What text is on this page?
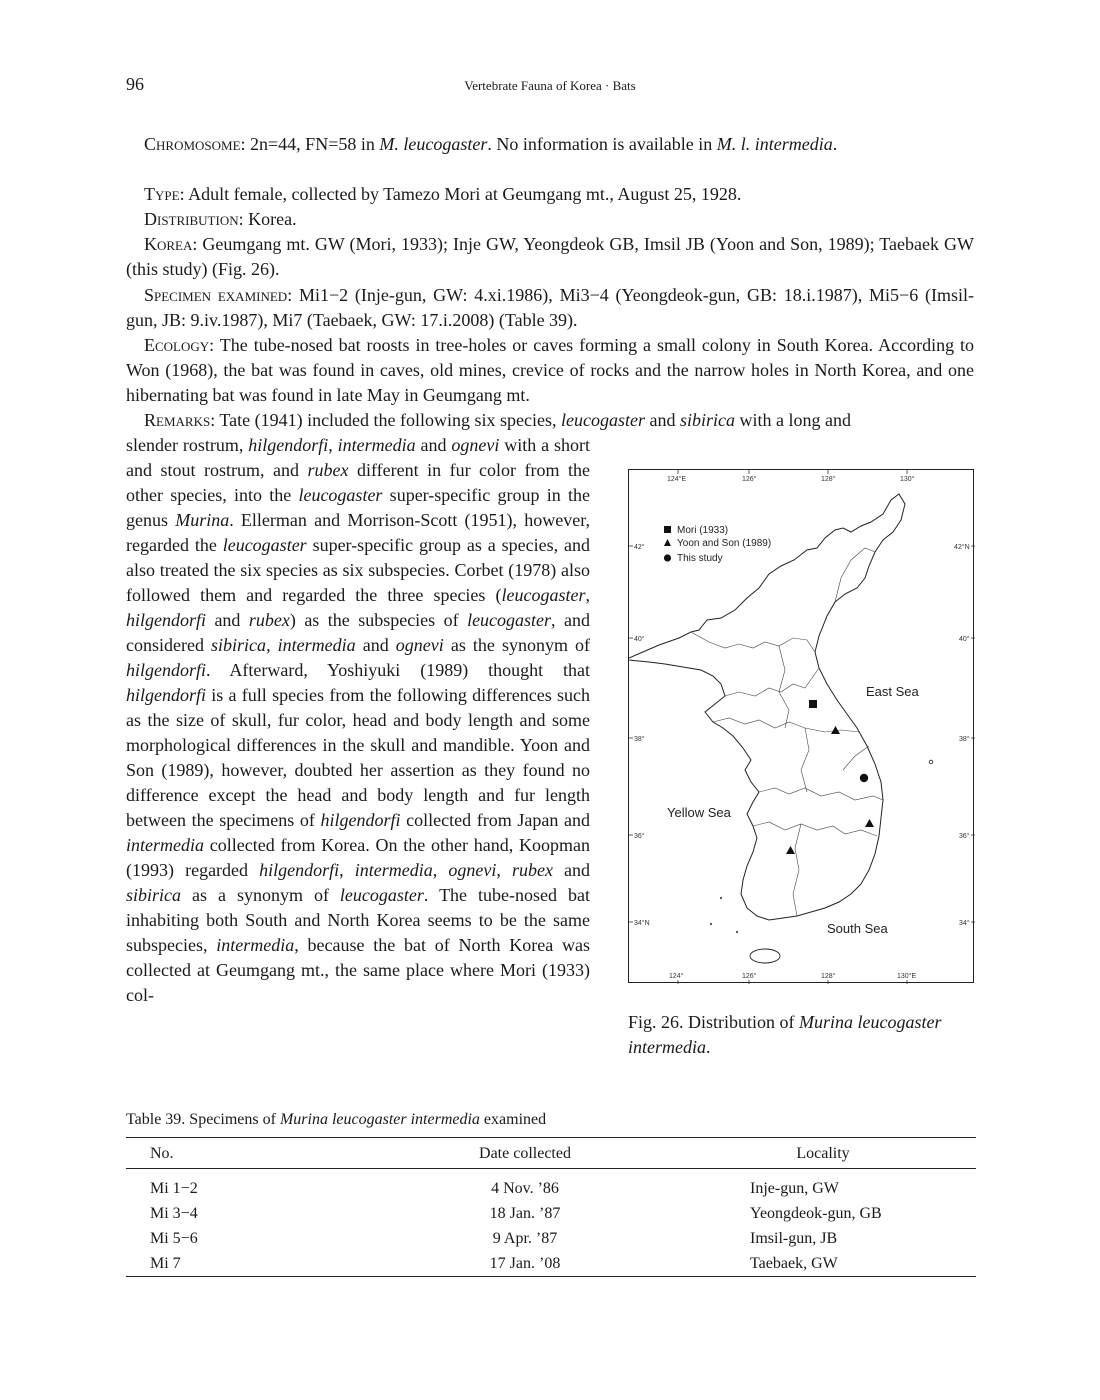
96	Vertebrate Fauna of Korea · Bats

Chromosome: 2n=44, FN=58 in M. leucogaster. No information is available in M. l. intermedia.

Type: Adult female, collected by Tamezo Mori at Geumgang mt., August 25, 1928.

Distribution: Korea.

Korea: Geumgang mt. GW (Mori, 1933); Inje GW, Yeongdeok GB, Imsil JB (Yoon and Son, 1989); Taebaek GW (this study) (Fig. 26).

Specimen examined: Mi1−2 (Inje-gun, GW: 4.xi.1986), Mi3−4 (Yeongdeok-gun, GB: 18.i.1987), Mi5−6 (Imsil-gun, JB: 9.iv.1987), Mi7 (Taebaek, GW: 17.i.2008) (Table 39).

Ecology: The tube-nosed bat roosts in tree-holes or caves forming a small colony in South Korea. According to Won (1968), the bat was found in caves, old mines, crevice of rocks and the narrow holes in North Korea, and one hibernating bat was found in late May in Geumgang mt.

Remarks: Tate (1941) included the following six species, leucogaster and sibirica with a long and

slender rostrum, hilgendorfi, intermedia and ognevi with a short and stout rostrum, and rubex different in fur color from the other species, into the leucogaster super-specific group in the genus Murina. Ellerman and Morrison-Scott (1951), however, regarded the leucogaster super-specific group as a species, and also treated the six species as six subspecies. Corbet (1978) also followed them and regarded the three species (leucogaster, hilgendorfi and rubex) as the subspecies of leucogaster, and considered sibirica, intermedia and ognevi as the synonym of hilgendorfi. Afterward, Yoshiyuki (1989) thought that hilgendorfi is a full species from the following differences such as the size of skull, fur color, head and body length and some morphological differences in the skull and mandible. Yoon and Son (1989), however, doubted her assertion as they found no difference except the head and body length and fur length between the specimens of hilgendorfi collected from Japan and intermedia collected from Korea. On the other hand, Koopman (1993) regarded hilgendorfi, intermedia, ognevi, rubex and sibirica as a synonym of leucogaster. The tube-nosed bat inhabiting both South and North Korea seems to be the same subspecies, intermedia, because the bat of North Korea was collected at Geumgang mt., the same place where Mori (1933) col-

124°E	126°	128°	130°
124°	126°	128°	130°E
42°
40°
38°
36°
34°N
42°N
40°
38°
36°
34°
Mori (1933)
Yoon and Son (1989)
This study
East Sea
Yellow Sea
South Sea

Fig. 26. Distribution of Murina leucogaster intermedia.

Table 39. Specimens of Murina leucogaster intermedia examined
No.	Date collected	Locality
Mi 1−2	4 Nov. ’86	Inje-gun, GW
Mi 3−4	18 Jan. ’87	Yeongdeok-gun, GB
Mi 5−6	9 Apr. ’87	Imsil-gun, JB
Mi 7	17 Jan. ’08	Taebaek, GW
